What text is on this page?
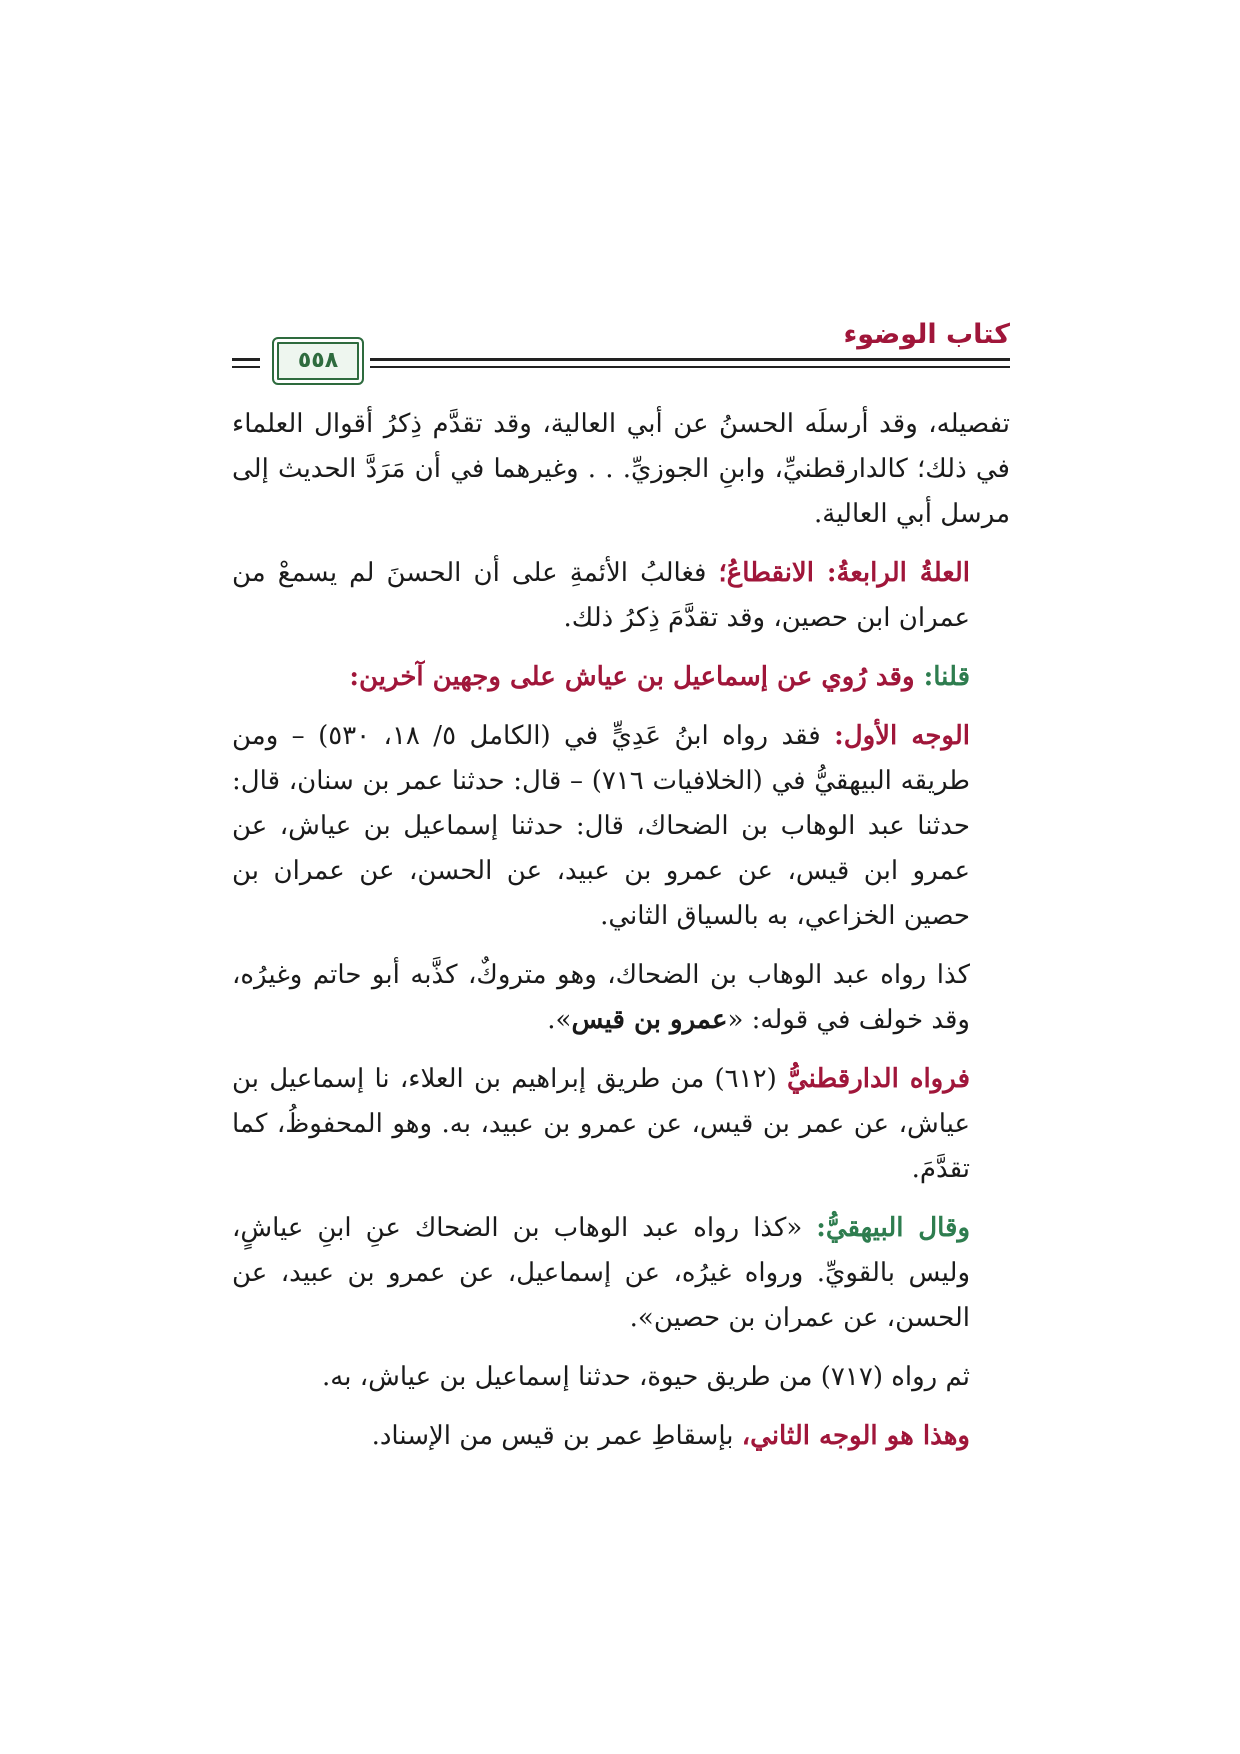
كتاب الوضوء
٥٥٨

تفصيله، وقد أرسلَه الحسنُ عن أبي العالية، وقد تقدَّم ذِكرُ أقوال العلماء في ذلك؛ كالدارقطنيِّ، وابنِ الجوزيِّ. . . وغيرهما في أن مَرَدَّ الحديث إلى مرسل أبي العالية.

العلةُ الرابعةُ: الانقطاعُ؛ فغالبُ الأئمةِ على أن الحسنَ لم يسمعْ من عمران ابن حصين، وقد تقدَّمَ ذِكرُ ذلك.

قلنا: وقد رُوي عن إسماعيل بن عياش على وجهين آخرين:

الوجه الأول: فقد رواه ابنُ عَدِيٍّ في (الكامل ٥/ ١٨، ٥٣٠) – ومن طريقه البيهقيُّ في (الخلافيات ٧١٦) – قال: حدثنا عمر بن سنان، قال: حدثنا عبد الوهاب بن الضحاك، قال: حدثنا إسماعيل بن عياش، عن عمرو ابن قيس، عن عمرو بن عبيد، عن الحسن، عن عمران بن حصين الخزاعي، به بالسياق الثاني.

كذا رواه عبد الوهاب بن الضحاك، وهو متروكٌ، كذَّبه أبو حاتم وغيرُه، وقد خولف في قوله: «عمرو بن قيس».

فرواه الدارقطنيُّ (٦١٢) من طريق إبراهيم بن العلاء، نا إسماعيل بن عياش، عن عمر بن قيس، عن عمرو بن عبيد، به. وهو المحفوظُ، كما تقدَّمَ.

وقال البيهقيُّ: «كذا رواه عبد الوهاب بن الضحاك عنِ ابنِ عياشٍ، وليس بالقويِّ. ورواه غيرُه، عن إسماعيل، عن عمرو بن عبيد، عن الحسن، عن عمران بن حصين».

ثم رواه (٧١٧) من طريق حيوة، حدثنا إسماعيل بن عياش، به.

وهذا هو الوجه الثاني، بإسقاطِ عمر بن قيس من الإسناد.
